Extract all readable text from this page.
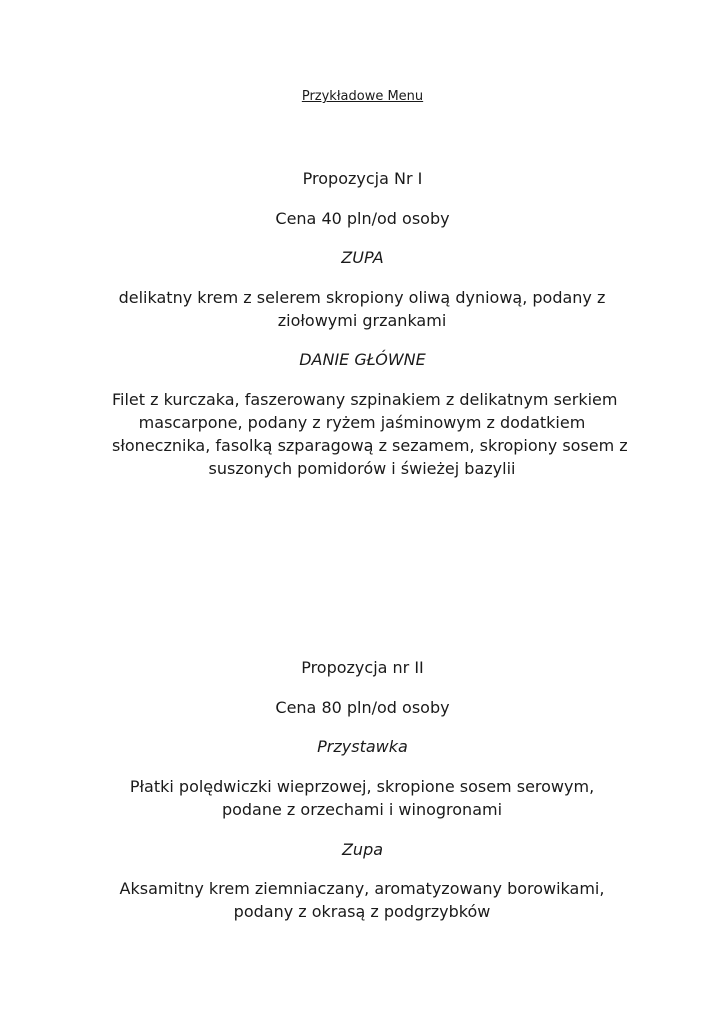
Przykładowe Menu
Propozycja Nr I
Cena 40 pln/od osoby
ZUPA
delikatny krem z selerem skropiony oliwą dyniową, podany z
ziołowymi grzankami
DANIE GŁÓWNE
Filet z kurczaka, faszerowany szpinakiem z delikatnym serkiem
mascarpone, podany z ryżem jaśminowym z dodatkiem
słonecznika, fasolką szparagową z sezamem, skropiony sosem z
suszonych pomidorów i świeżej bazylii
Propozycja nr II
Cena 80 pln/od osoby
Przystawka
Płatki polędwiczki wieprzowej, skropione sosem serowym,
podane z orzechami i winogronami
Zupa
Aksamitny krem ziemniaczany, aromatyzowany borowikami,
podany z okrasą z podgrzybków
